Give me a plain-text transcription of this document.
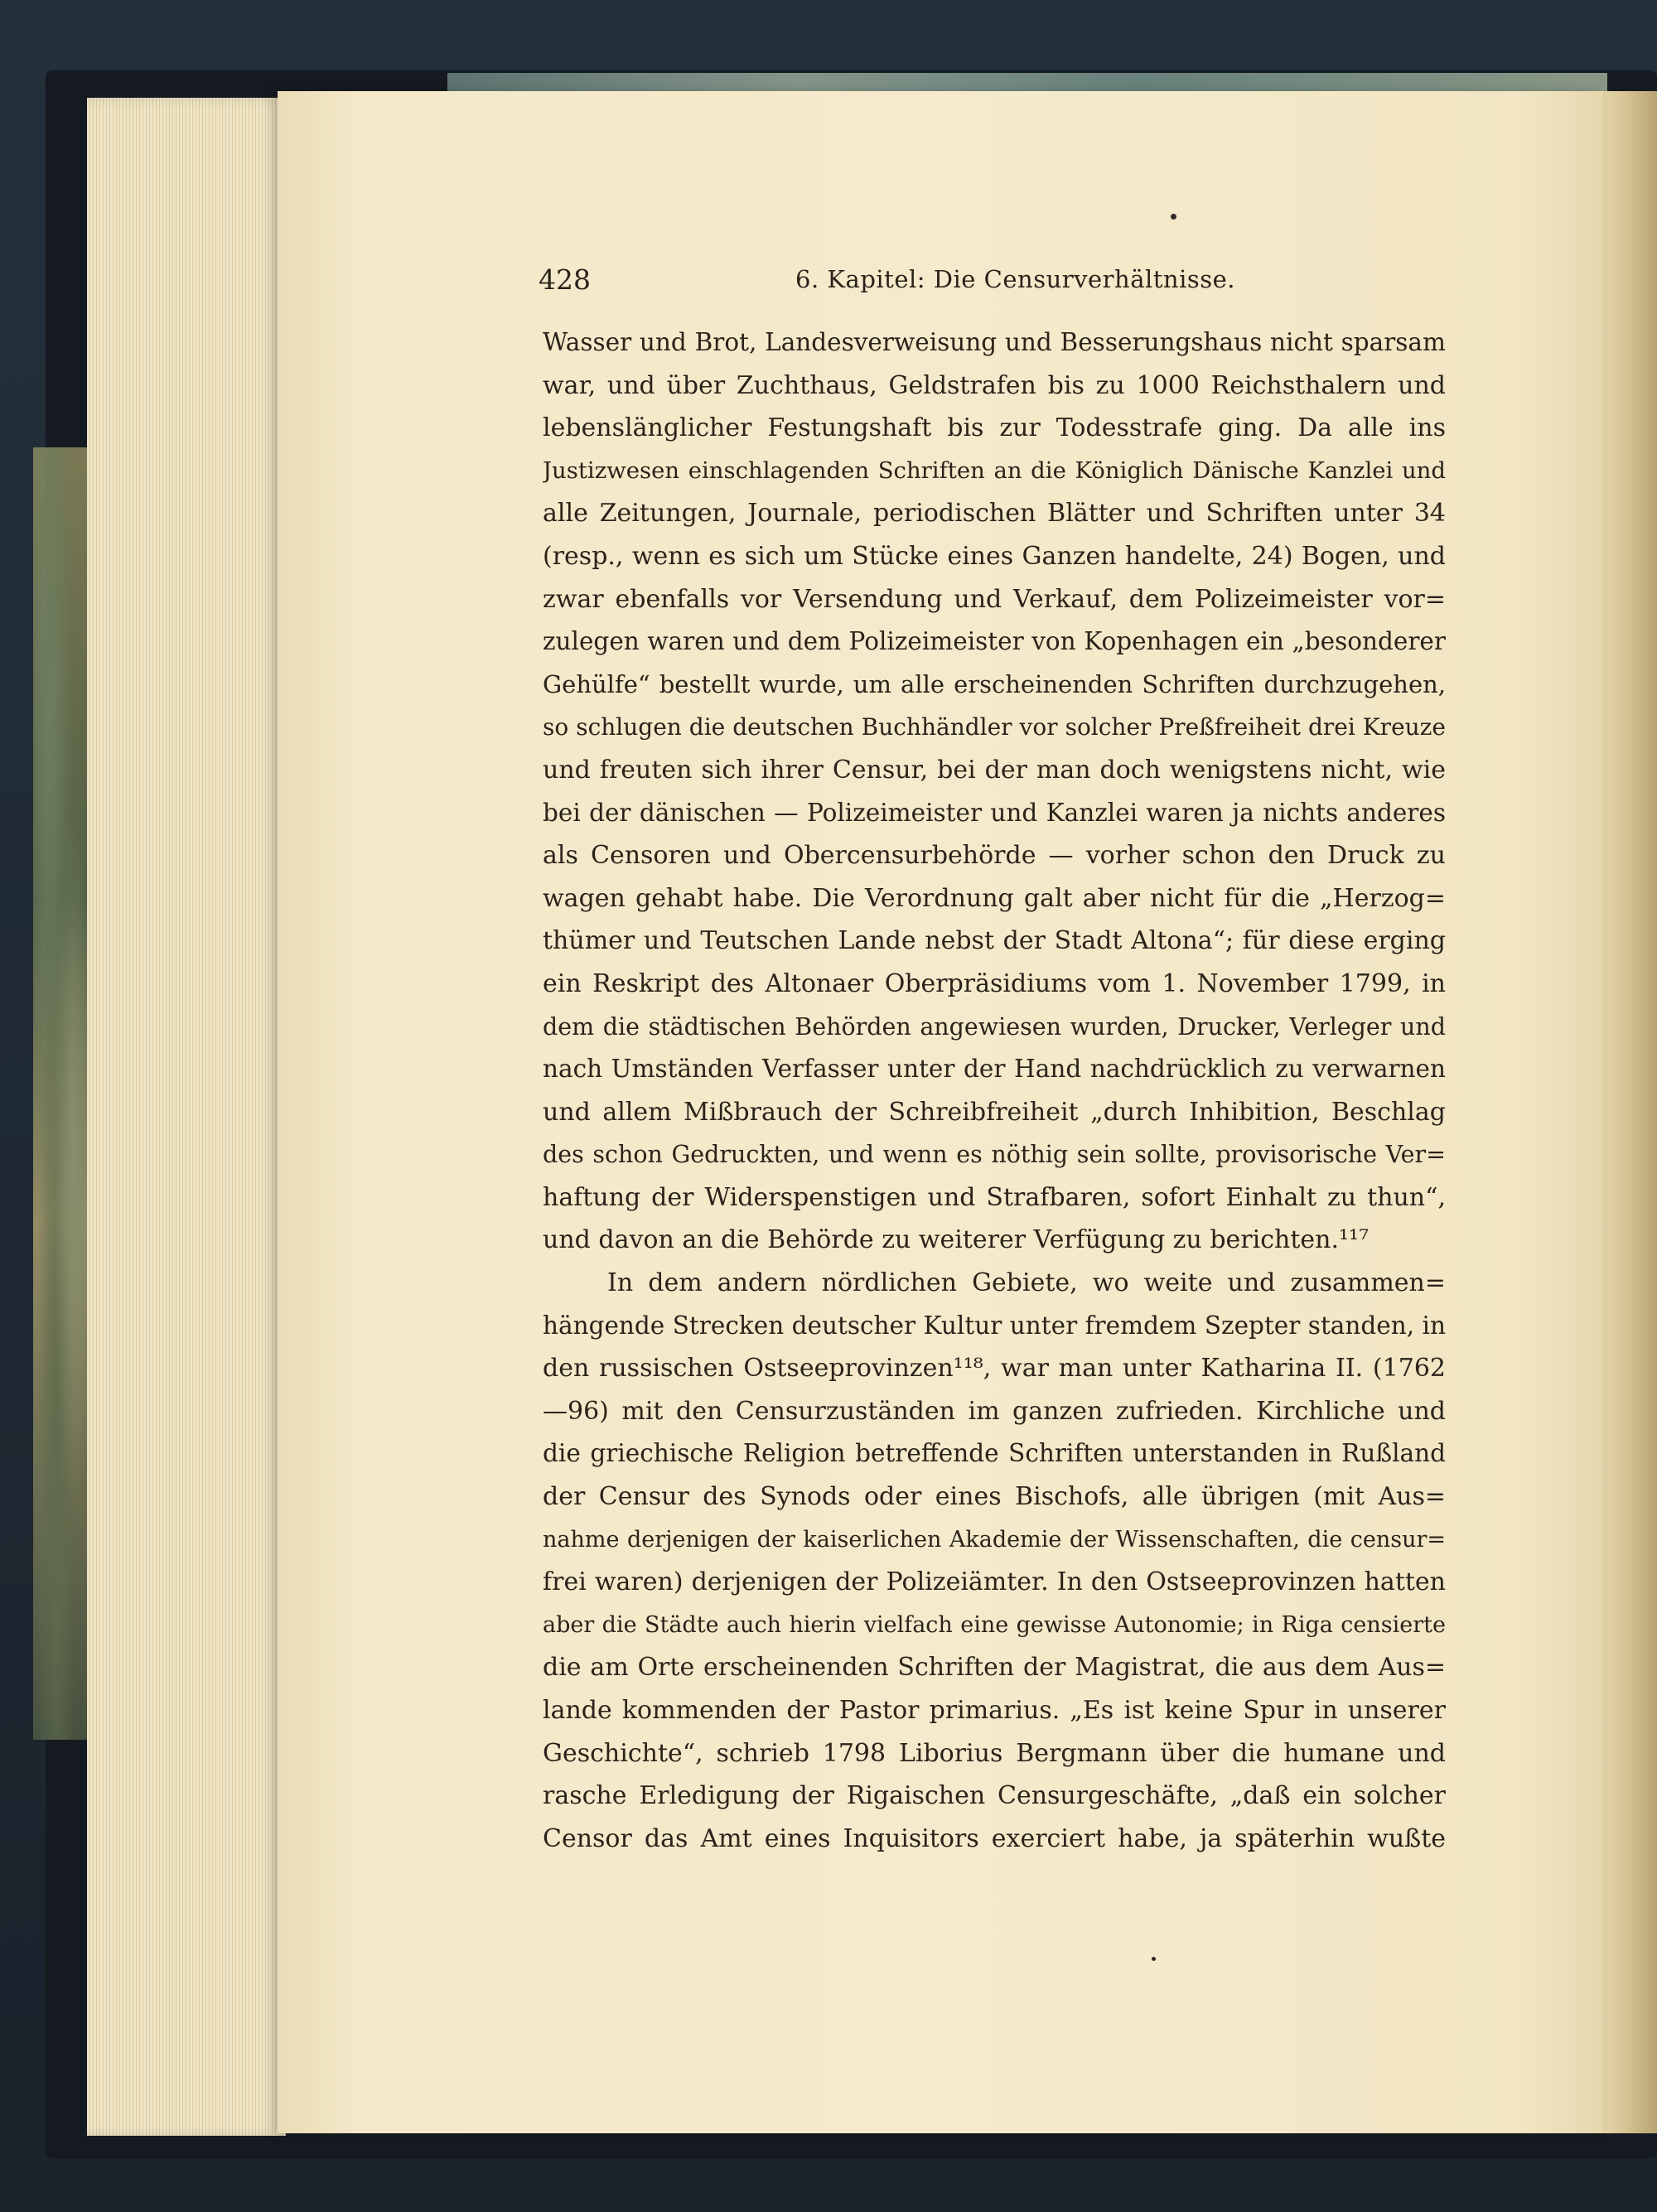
428	6. Kapitel: Die Censurverhältnisse.
Wasser und Brot, Landesverweisung und Besserungshaus nicht sparsam
war, und über Zuchthaus, Geldstrafen bis zu 1000 Reichsthalern und
lebenslänglicher Festungshaft bis zur Todesstrafe ging. Da alle ins
Justizwesen einschlagenden Schriften an die Königlich Dänische Kanzlei und
alle Zeitungen, Journale, periodischen Blätter und Schriften unter 34
(resp., wenn es sich um Stücke eines Ganzen handelte, 24) Bogen, und
zwar ebenfalls vor Versendung und Verkauf, dem Polizeimeister vor=
zulegen waren und dem Polizeimeister von Kopenhagen ein „besonderer
Gehülfe“ bestellt wurde, um alle erscheinenden Schriften durchzugehen,
so schlugen die deutschen Buchhändler vor solcher Preßfreiheit drei Kreuze
und freuten sich ihrer Censur, bei der man doch wenigstens nicht, wie
bei der dänischen — Polizeimeister und Kanzlei waren ja nichts anderes
als Censoren und Obercensurbehörde — vorher schon den Druck zu
wagen gehabt habe. Die Verordnung galt aber nicht für die „Herzog=
thümer und Teutschen Lande nebst der Stadt Altona“; für diese erging
ein Reskript des Altonaer Oberpräsidiums vom 1. November 1799, in
dem die städtischen Behörden angewiesen wurden, Drucker, Verleger und
nach Umständen Verfasser unter der Hand nachdrücklich zu verwarnen
und allem Mißbrauch der Schreibfreiheit „durch Inhibition, Beschlag
des schon Gedruckten, und wenn es nöthig sein sollte, provisorische Ver=
haftung der Widerspenstigen und Strafbaren, sofort Einhalt zu thun“,
und davon an die Behörde zu weiterer Verfügung zu berichten.¹¹⁷
In dem andern nördlichen Gebiete, wo weite und zusammen=
hängende Strecken deutscher Kultur unter fremdem Szepter standen, in
den russischen Ostseeprovinzen¹¹⁸, war man unter Katharina II. (1762
—96) mit den Censurzuständen im ganzen zufrieden. Kirchliche und
die griechische Religion betreffende Schriften unterstanden in Rußland
der Censur des Synods oder eines Bischofs, alle übrigen (mit Aus=
nahme derjenigen der kaiserlichen Akademie der Wissenschaften, die censur=
frei waren) derjenigen der Polizeiämter. In den Ostseeprovinzen hatten
aber die Städte auch hierin vielfach eine gewisse Autonomie; in Riga censierte
die am Orte erscheinenden Schriften der Magistrat, die aus dem Aus=
lande kommenden der Pastor primarius. „Es ist keine Spur in unserer
Geschichte“, schrieb 1798 Liborius Bergmann über die humane und
rasche Erledigung der Rigaischen Censurgeschäfte, „daß ein solcher
Censor das Amt eines Inquisitors exerciert habe, ja späterhin wußte
